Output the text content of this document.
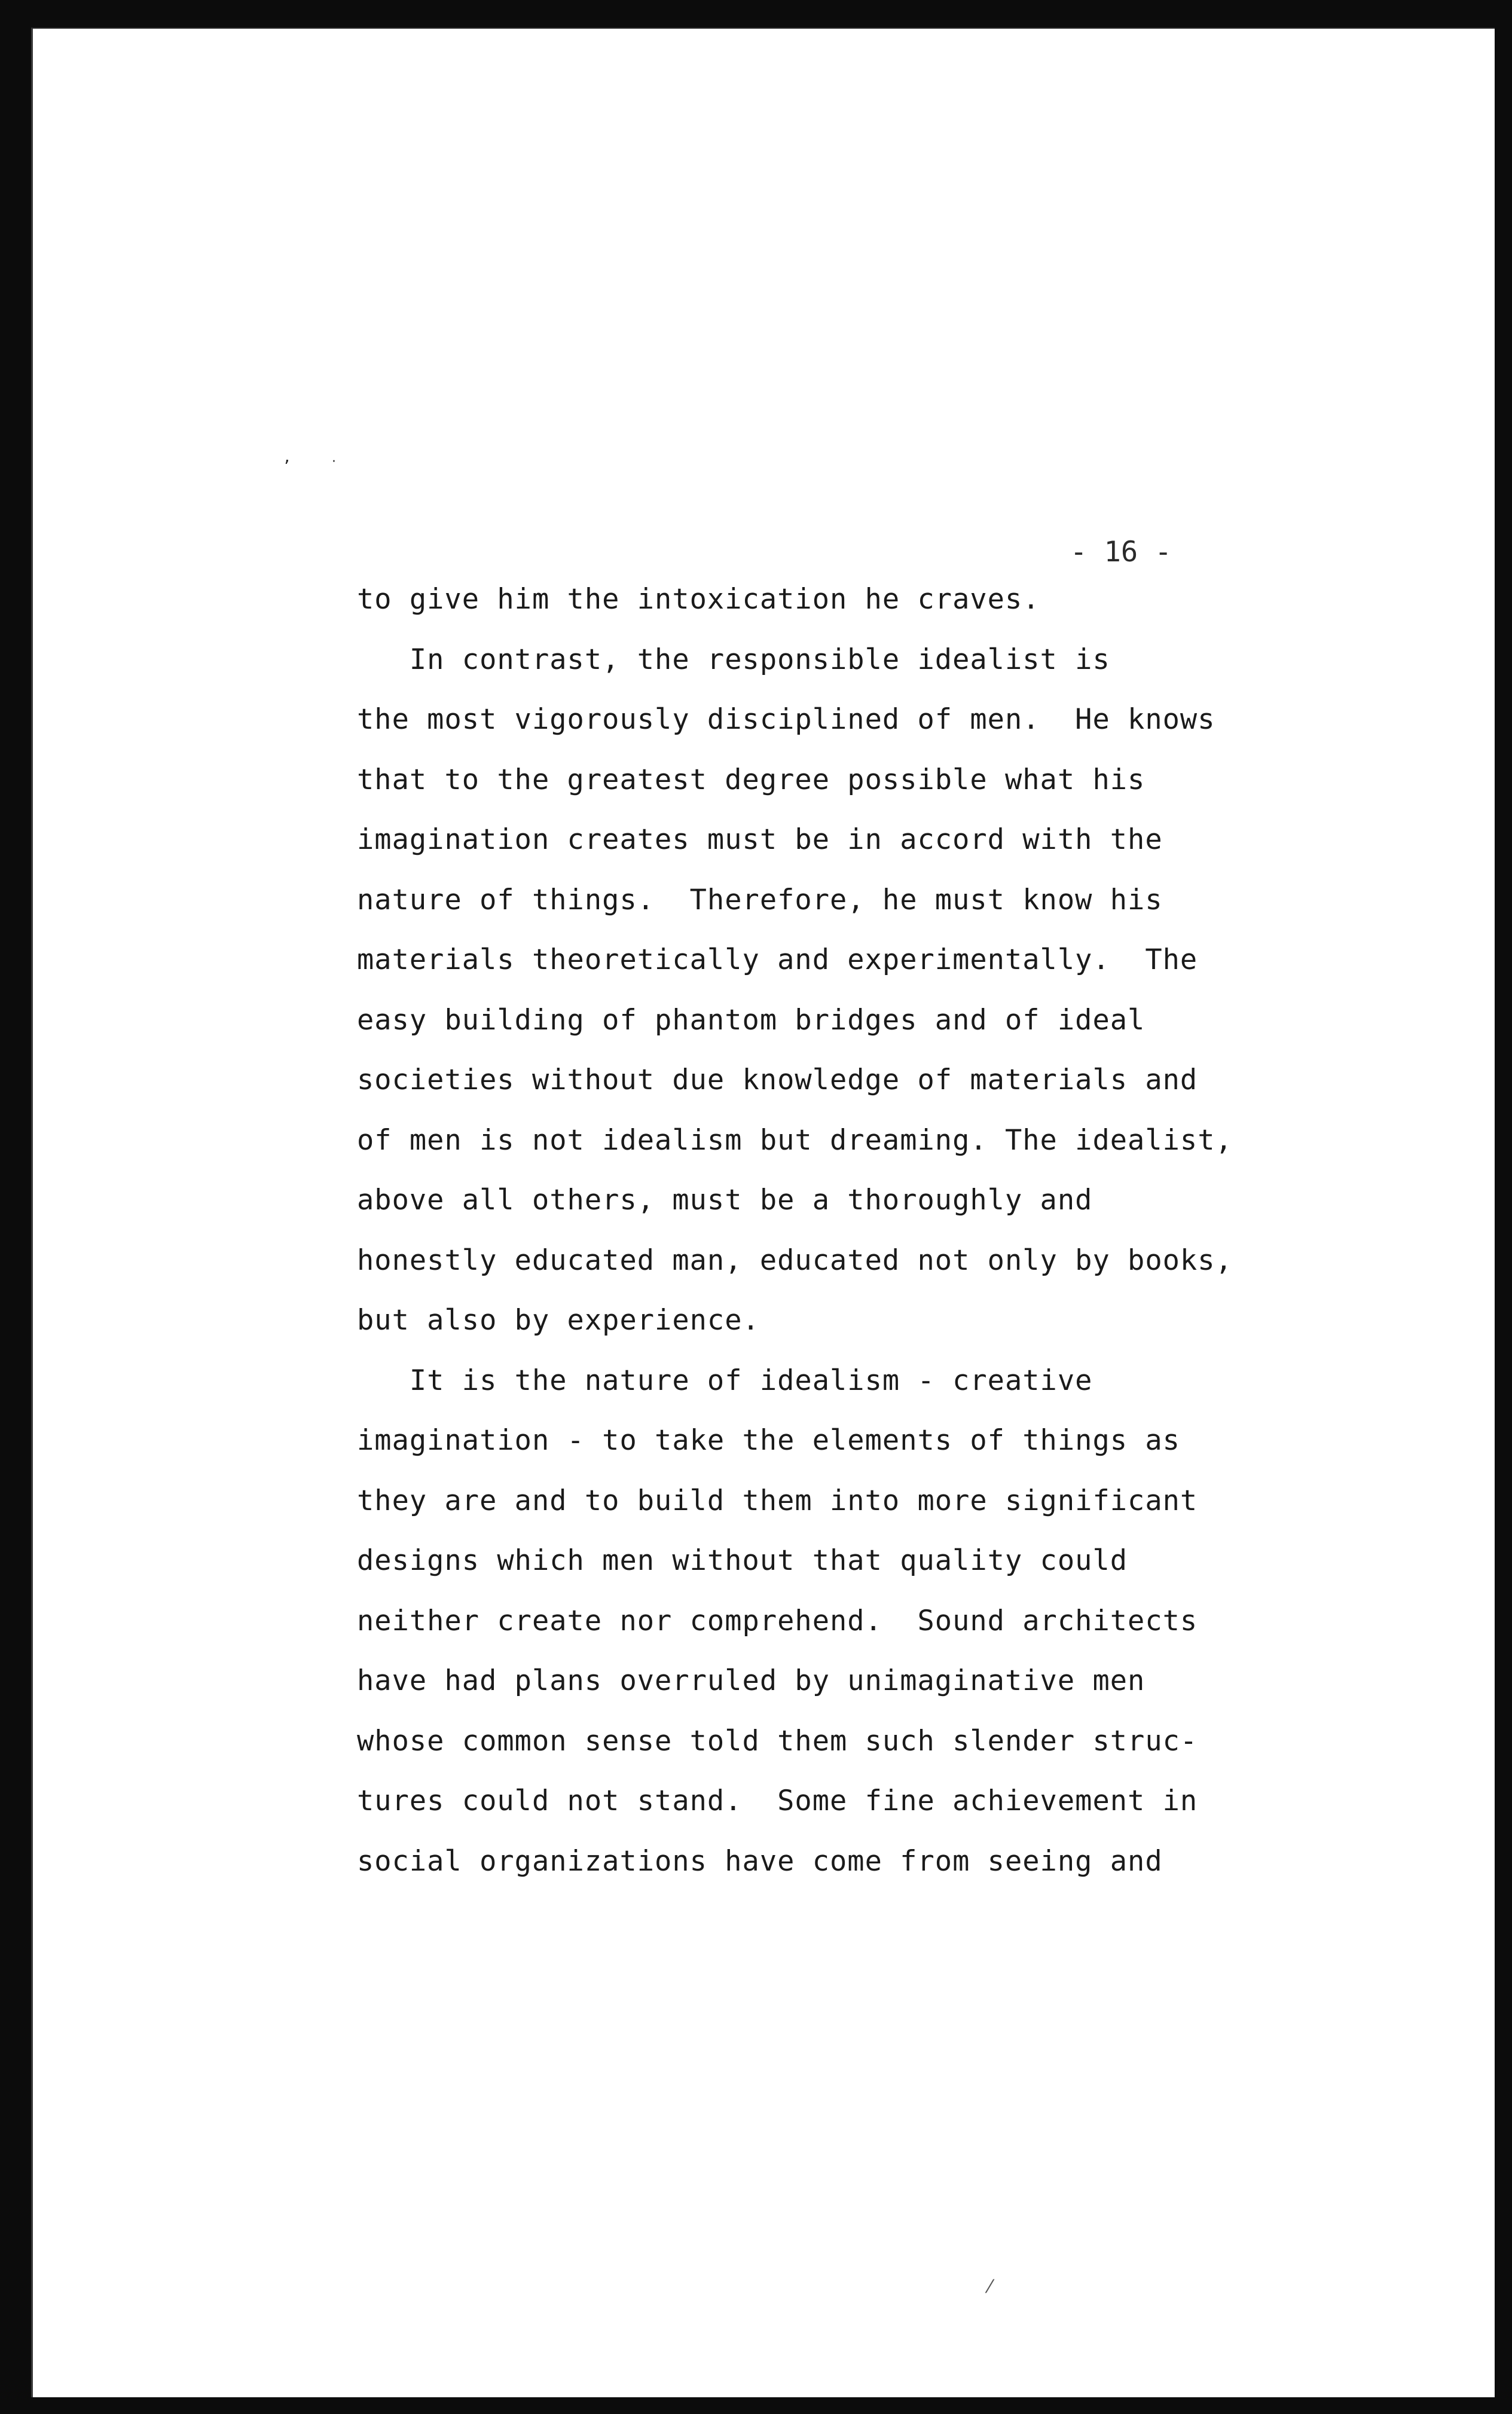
ʼ	·
⁄
- 16 -
to give him the intoxication he craves.
In contrast, the responsible idealist is
the most vigorously disciplined of men.  He knows
that to the greatest degree possible what his
imagination creates must be in accord with the
nature of things.  Therefore, he must know his
materials theoretically and experimentally.  The
easy building of phantom bridges and of ideal
societies without due knowledge of materials and
of men is not idealism but dreaming. The idealist,
above all others, must be a thoroughly and
honestly educated man, educated not only by books,
but also by experience.
It is the nature of idealism - creative
imagination - to take the elements of things as
they are and to build them into more significant
designs which men without that quality could
neither create nor comprehend.  Sound architects
have had plans overruled by unimaginative men
whose common sense told them such slender struc-
tures could not stand.  Some fine achievement in
social organizations have come from seeing and
